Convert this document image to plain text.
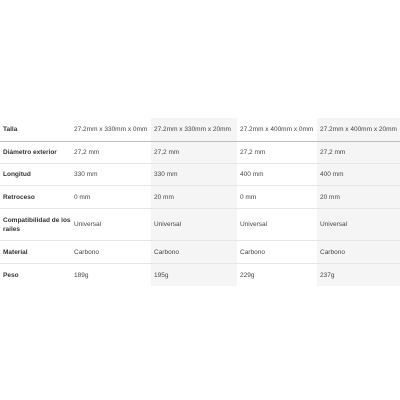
Talla	27.2mm x 330mm x 0mm	27.2mm x 330mm x 20mm	27.2mm x 400mm x 0mm	27.2mm x 400mm x 20mm
Diámetro exterior	27,2 mm	27,2 mm	27,2 mm	27,2 mm
Longitud	330 mm	330 mm	400 mm	400 mm
Retroceso	0 mm	20 mm	0 mm	20 mm
Compatibilidad de los railes	Universal	Universal	Universal	Universal
Material	Carbono	Carbono	Carbono	Carbono
Peso	189g	195g	229g	237g
